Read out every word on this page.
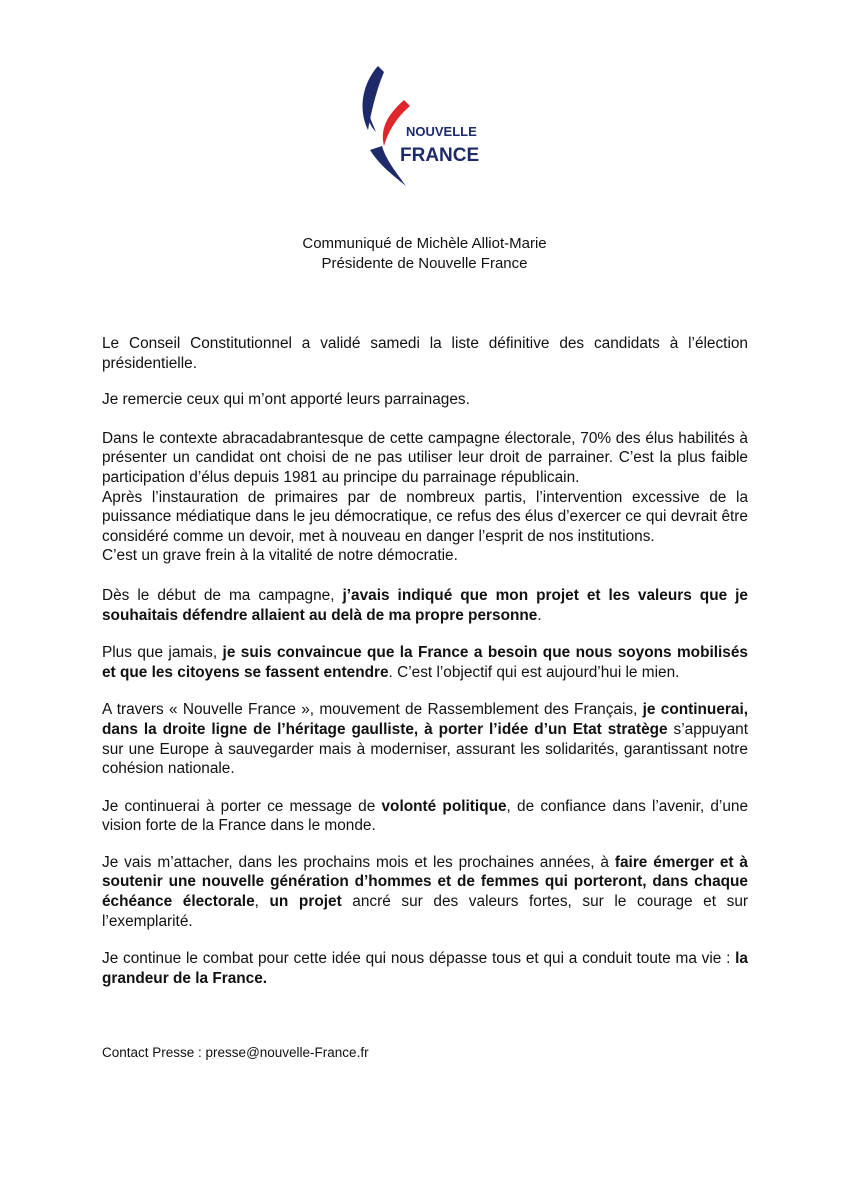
NOUVELLE
FRANCE
Communiqué de Michèle Alliot-Marie
Présidente de Nouvelle France

Le Conseil Constitutionnel a validé samedi la liste définitive des candidats à l’élection présidentielle.

Je remercie ceux qui m’ont apporté leurs parrainages.

Dans le contexte abracadabrantesque de cette campagne électorale, 70% des élus habilités à présenter un candidat ont choisi de ne pas utiliser leur droit de parrainer. C’est la plus faible participation d’élus depuis 1981 au principe du parrainage républicain.

Après l’instauration de primaires par de nombreux partis, l’intervention excessive de la puissance médiatique dans le jeu démocratique, ce refus des élus d’exercer ce qui devrait être considéré comme un devoir, met à nouveau en danger l’esprit de nos institutions.

C’est un grave frein à la vitalité de notre démocratie.

Dès le début de ma campagne, j’avais indiqué que mon projet et les valeurs que je souhaitais défendre allaient au delà de ma propre personne.

Plus que jamais, je suis convaincue que la France a besoin que nous soyons mobilisés et que les citoyens se fassent entendre. C’est l’objectif qui est aujourd’hui le mien.

A travers « Nouvelle France », mouvement de Rassemblement des Français, je continuerai, dans la droite ligne de l’héritage gaulliste, à porter l’idée d’un Etat stratège s’appuyant sur une Europe à sauvegarder mais à moderniser, assurant les solidarités, garantissant notre cohésion nationale.

Je continuerai à porter ce message de volonté politique, de confiance dans l’avenir, d’une vision forte de la France dans le monde.

Je vais m’attacher, dans les prochains mois et les prochaines années, à faire émerger et à soutenir une nouvelle génération d’hommes et de femmes qui porteront, dans chaque échéance électorale, un projet ancré sur des valeurs fortes, sur le courage et sur l’exemplarité.

Je continue le combat pour cette idée qui nous dépasse tous et qui a conduit toute ma vie : la grandeur de la France.

Contact Presse : presse@nouvelle-France.fr
